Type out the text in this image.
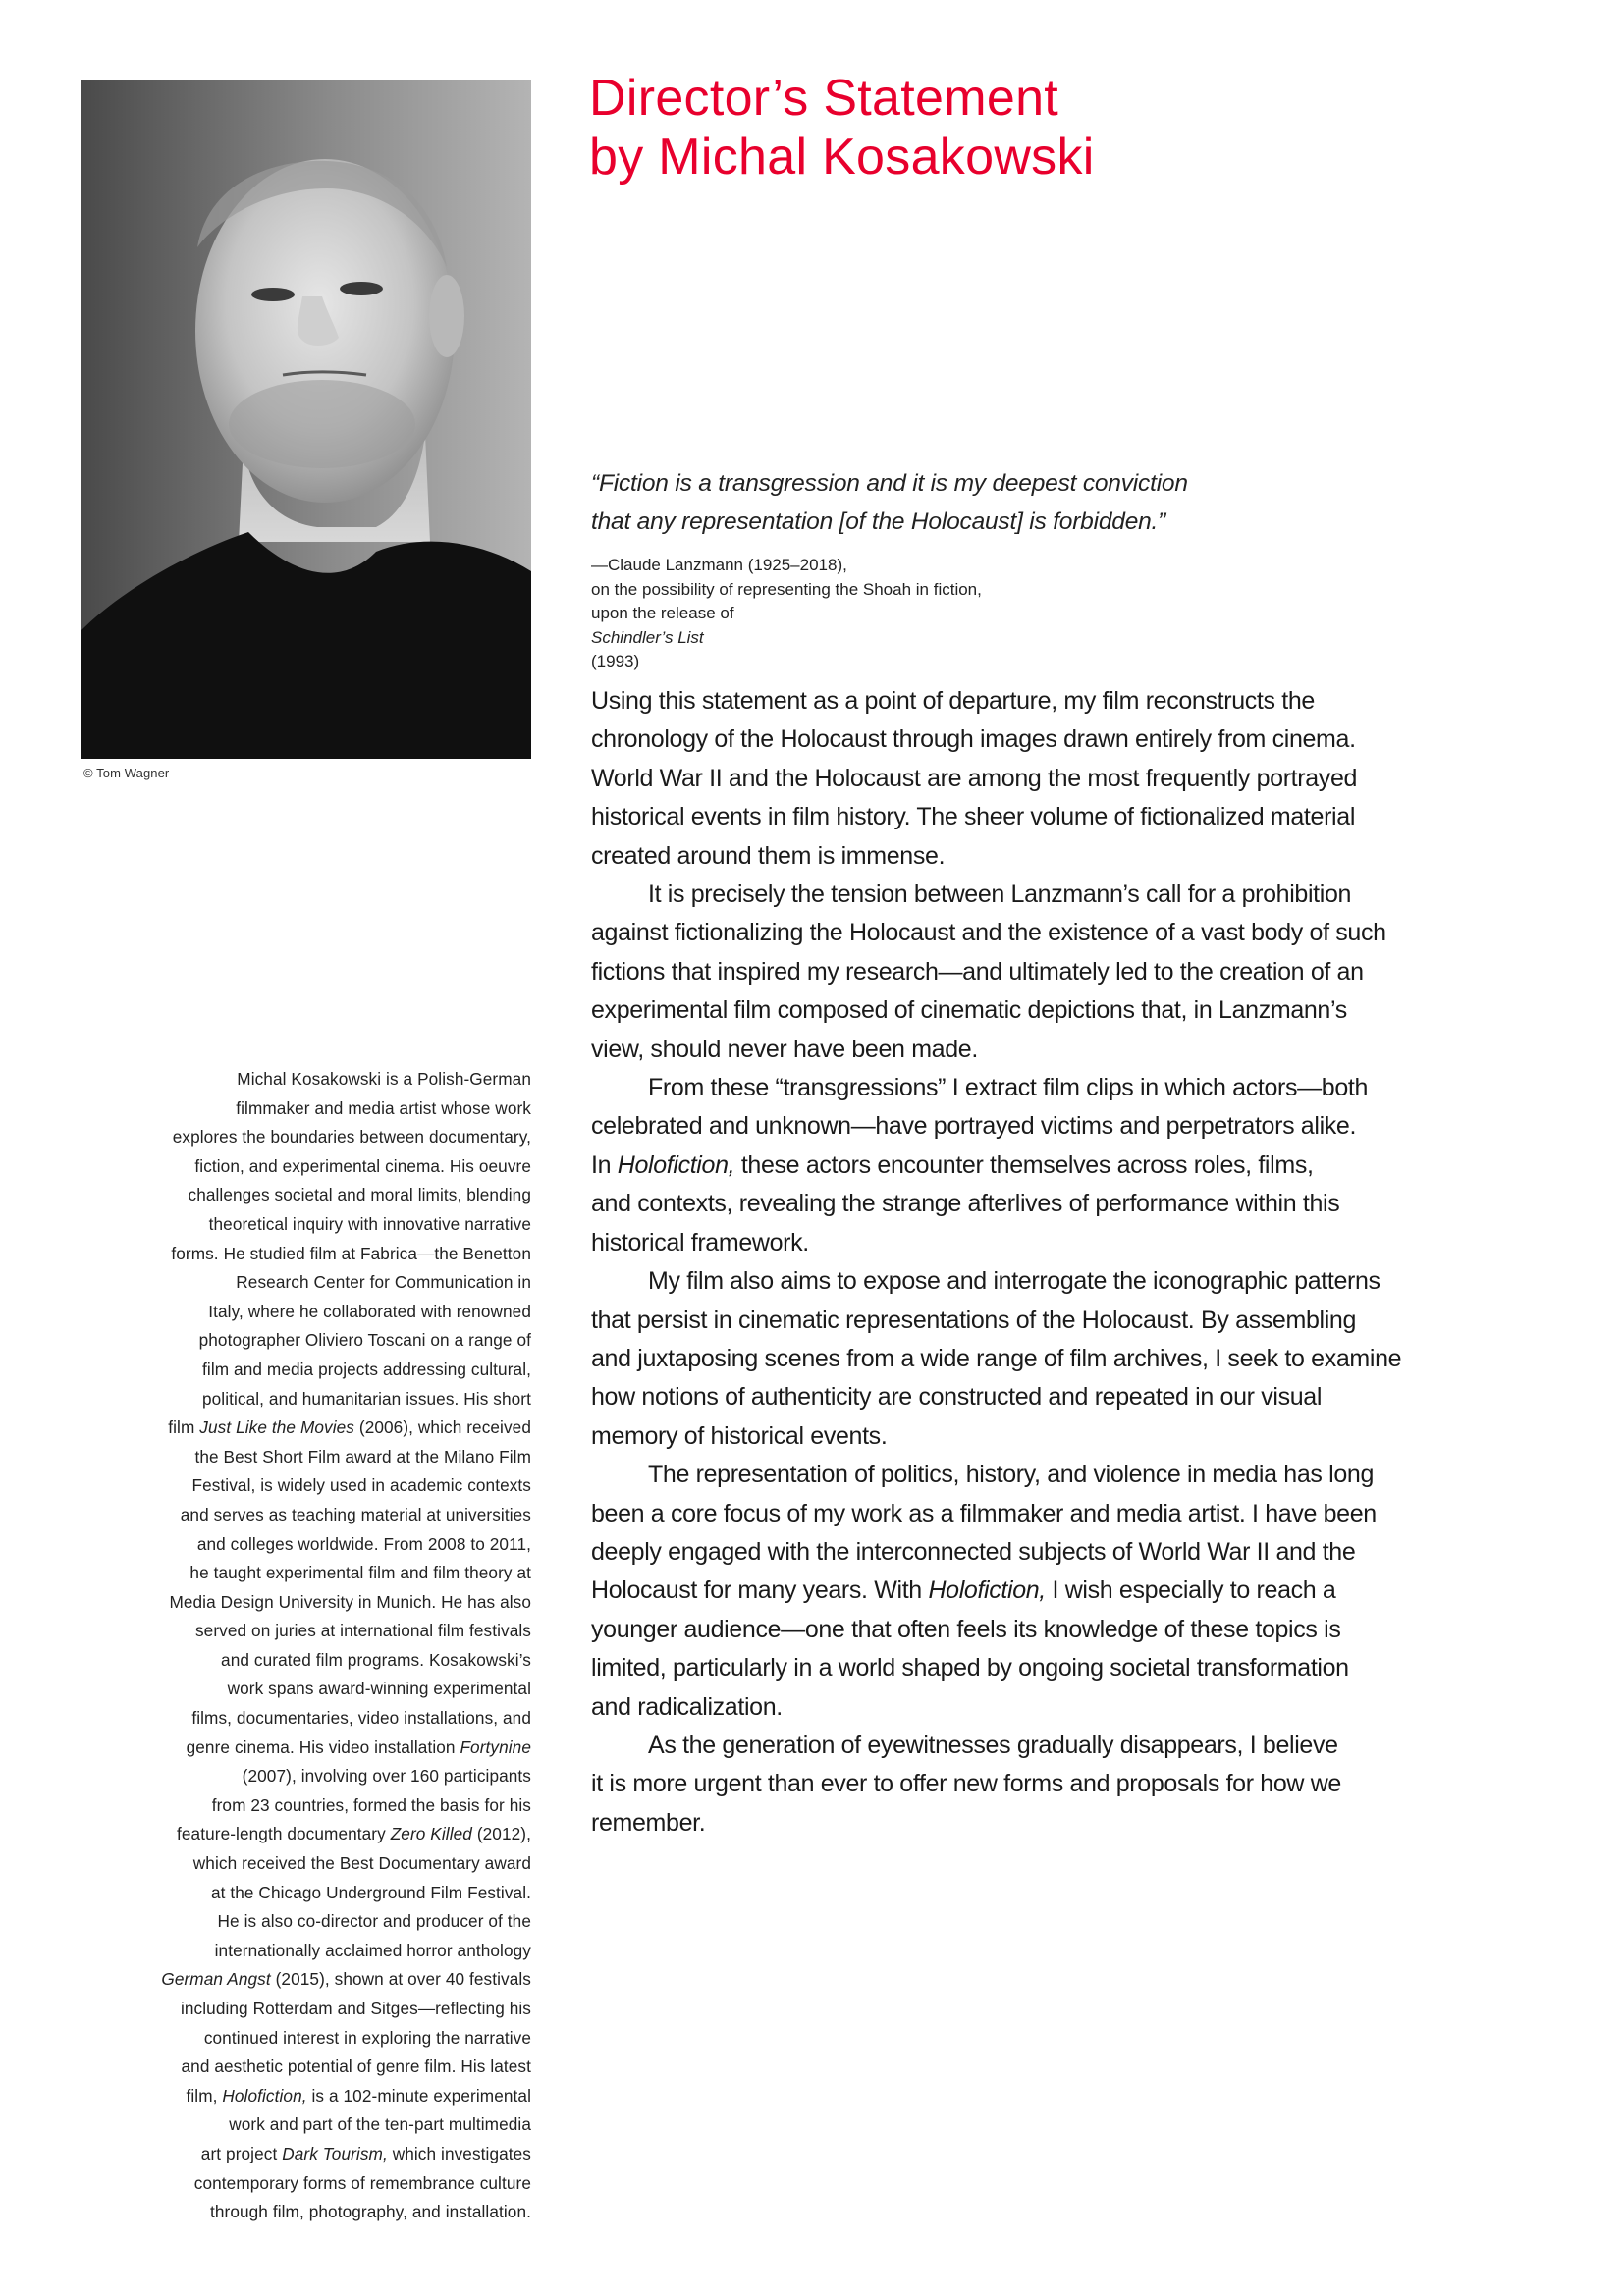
© Tom Wagner
Director’s Statement
by Michal Kosakowski
“Fiction is a transgression and it is my deepest conviction
that any representation [of the Holocaust] is forbidden.”
—Claude Lanzmann (1925–2018),
on the possibility of representing the Shoah in fiction,
upon the release of
Schindler’s List
(1993)

Using this statement as a point of departure, my film reconstructs the
chronology of the Holocaust through images drawn entirely from cinema.
World War II and the Holocaust are among the most frequently portrayed
historical events in film history. The sheer volume of fictionalized material
created around them is immense.

It is precisely the tension between Lanzmann’s call for a prohibition
against fictionalizing the Holocaust and the existence of a vast body of such
fictions that inspired my research—and ultimately led to the creation of an
experimental film composed of cinematic depictions that, in Lanzmann’s
view, should never have been made.

From these “transgressions” I extract film clips in which actors—both
celebrated and unknown—have portrayed victims and perpetrators alike.
In Holofiction, these actors encounter themselves across roles, films,
and contexts, revealing the strange afterlives of performance within this
historical framework.

My film also aims to expose and interrogate the iconographic patterns
that persist in cinematic representations of the Holocaust. By assembling
and juxtaposing scenes from a wide range of film archives, I seek to examine
how notions of authenticity are constructed and repeated in our visual
memory of historical events.

The representation of politics, history, and violence in media has long
been a core focus of my work as a filmmaker and media artist. I have been
deeply engaged with the interconnected subjects of World War II and the
Holocaust for many years. With Holofiction, I wish especially to reach a
younger audience—one that often feels its knowledge of these topics is
limited, particularly in a world shaped by ongoing societal transformation
and radicalization.

As the generation of eyewitnesses gradually disappears, I believe
it is more urgent than ever to offer new forms and proposals for how we
remember.

Michal Kosakowski is a Polish-German
filmmaker and media artist whose work
explores the boundaries between documentary,
fiction, and experimental cinema. His oeuvre
challenges societal and moral limits, blending
theoretical inquiry with innovative narrative
forms. He studied film at Fabrica—the Benetton
Research Center for Communication in
Italy, where he collaborated with renowned
photographer Oliviero Toscani on a range of
film and media projects addressing cultural,
political, and humanitarian issues. His short
film Just Like the Movies (2006), which received
the Best Short Film award at the Milano Film
Festival, is widely used in academic contexts
and serves as teaching material at universities
and colleges worldwide. From 2008 to 2011,
he taught experimental film and film theory at
Media Design University in Munich. He has also
served on juries at international film festivals
and curated film programs. Kosakowski’s
work spans award-winning experimental
films, documentaries, video installations, and
genre cinema. His video installation Fortynine
(2007), involving over 160 participants
from 23 countries, formed the basis for his
feature-length documentary Zero Killed (2012),
which received the Best Documentary award
at the Chicago Underground Film Festival.
He is also co-director and producer of the
internationally acclaimed horror anthology
German Angst (2015), shown at over 40 festivals
including Rotterdam and Sitges—reflecting his
continued interest in exploring the narrative
and aesthetic potential of genre film. His latest
film, Holofiction, is a 102-minute experimental
work and part of the ten-part multimedia
art project Dark Tourism, which investigates
contemporary forms of remembrance culture
through film, photography, and installation.
